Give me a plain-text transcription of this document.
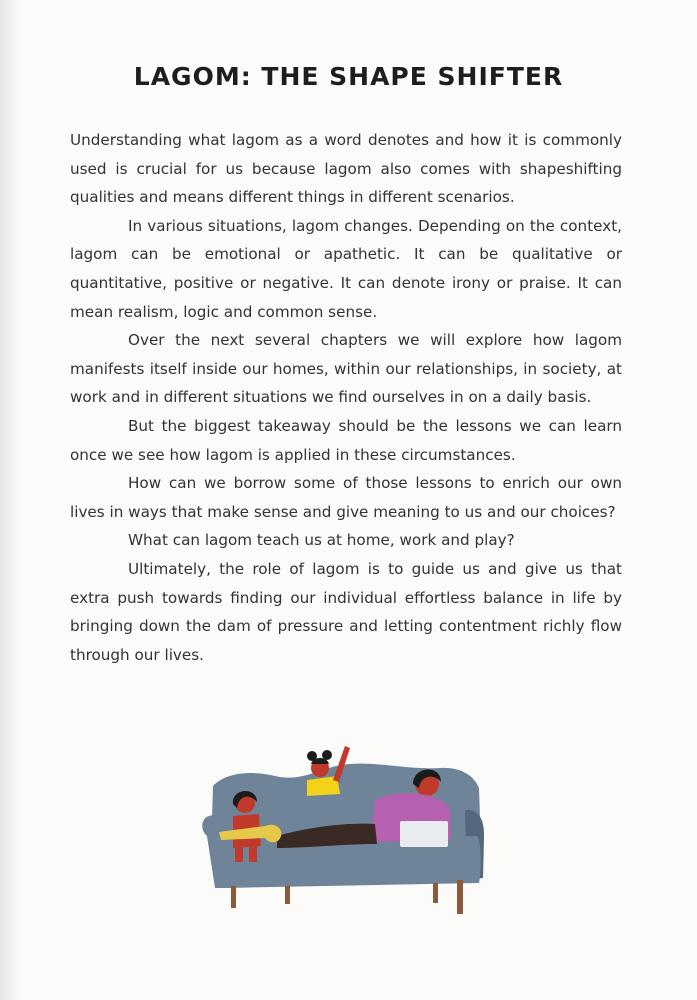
LAGOM: THE SHAPE SHIFTER

Understanding what lagom as a word denotes and how it is commonly used is crucial for us because lagom also comes with shapeshifting qualities and means different things in different scenarios.

In various situations, lagom changes. Depending on the context, lagom can be emotional or apathetic. It can be qualitative or quantitative, positive or negative. It can denote irony or praise. It can mean realism, logic and common sense.

Over the next several chapters we will explore how lagom manifests itself inside our homes, within our relationships, in society, at work and in different situations we find ourselves in on a daily basis.

But the biggest takeaway should be the lessons we can learn once we see how lagom is applied in these circumstances.

How can we borrow some of those lessons to enrich our own lives in ways that make sense and give meaning to us and our choices?

What can lagom teach us at home, work and play?

Ultimately, the role of lagom is to guide us and give us that extra push towards finding our individual effortless balance in life by bringing down the dam of pressure and letting contentment richly flow through our lives.
